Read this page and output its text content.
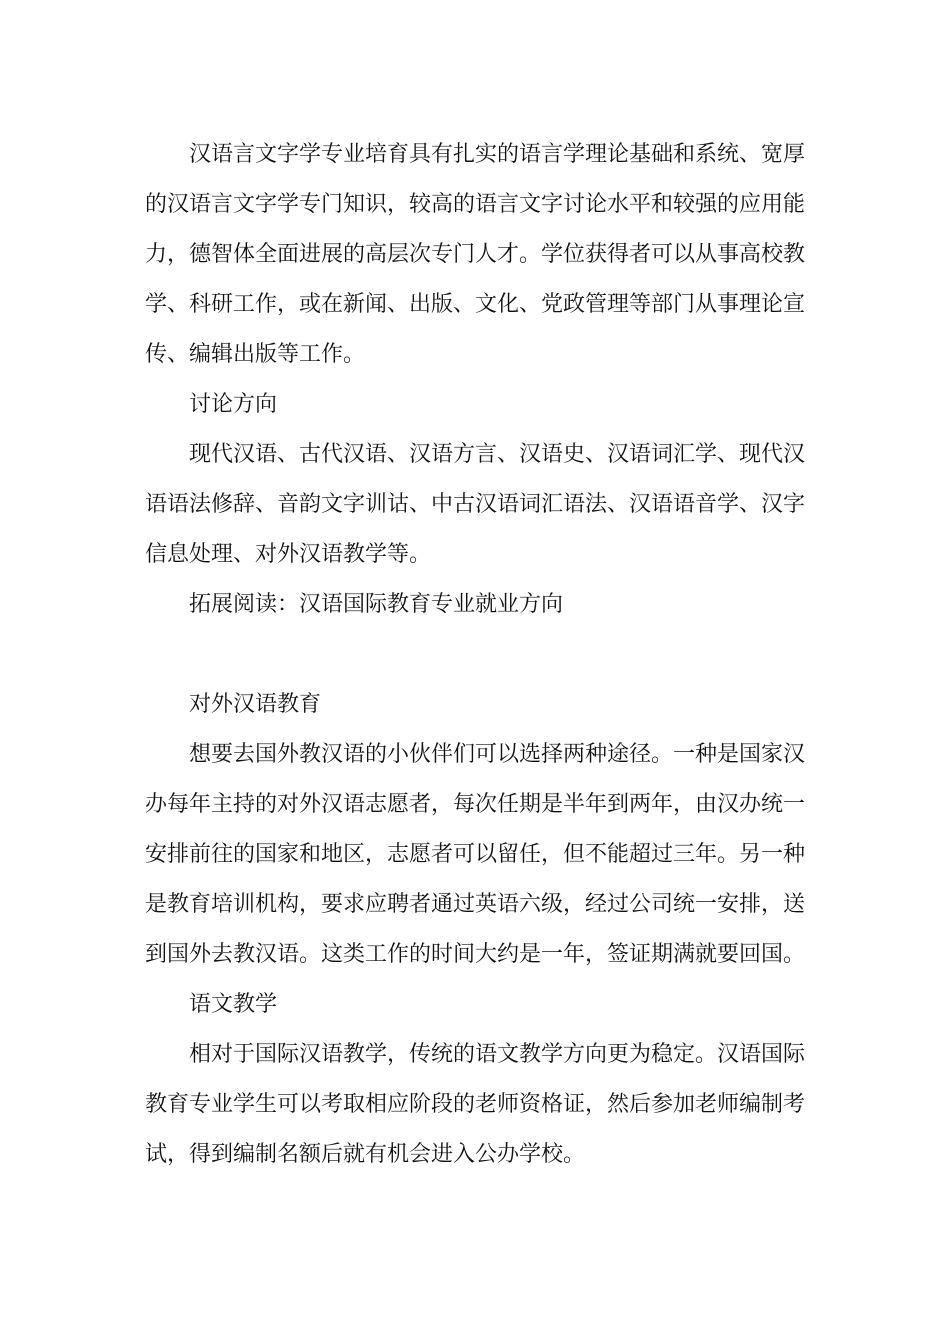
汉语言文字学专业培育具有扎实的语言学理论基础和系统、宽厚的汉语言文字学专门知识，较高的语言文字讨论水平和较强的应用能力，德智体全面进展的高层次专门人才。学位获得者可以从事高校教学、科研工作，或在新闻、出版、文化、党政管理等部门从事理论宣传、编辑出版等工作。

讨论方向

现代汉语、古代汉语、汉语方言、汉语史、汉语词汇学、现代汉语语法修辞、音韵文字训诂、中古汉语词汇语法、汉语语音学、汉字信息处理、对外汉语教学等。

拓展阅读：汉语国际教育专业就业方向

对外汉语教育

想要去国外教汉语的小伙伴们可以选择两种途径。一种是国家汉办每年主持的对外汉语志愿者，每次任期是半年到两年，由汉办统一安排前往的国家和地区，志愿者可以留任，但不能超过三年。另一种是教育培训机构，要求应聘者通过英语六级，经过公司统一安排，送到国外去教汉语。这类工作的时间大约是一年，签证期满就要回国。

语文教学

相对于国际汉语教学，传统的语文教学方向更为稳定。汉语国际教育专业学生可以考取相应阶段的老师资格证，然后参加老师编制考试，得到编制名额后就有机会进入公办学校。
